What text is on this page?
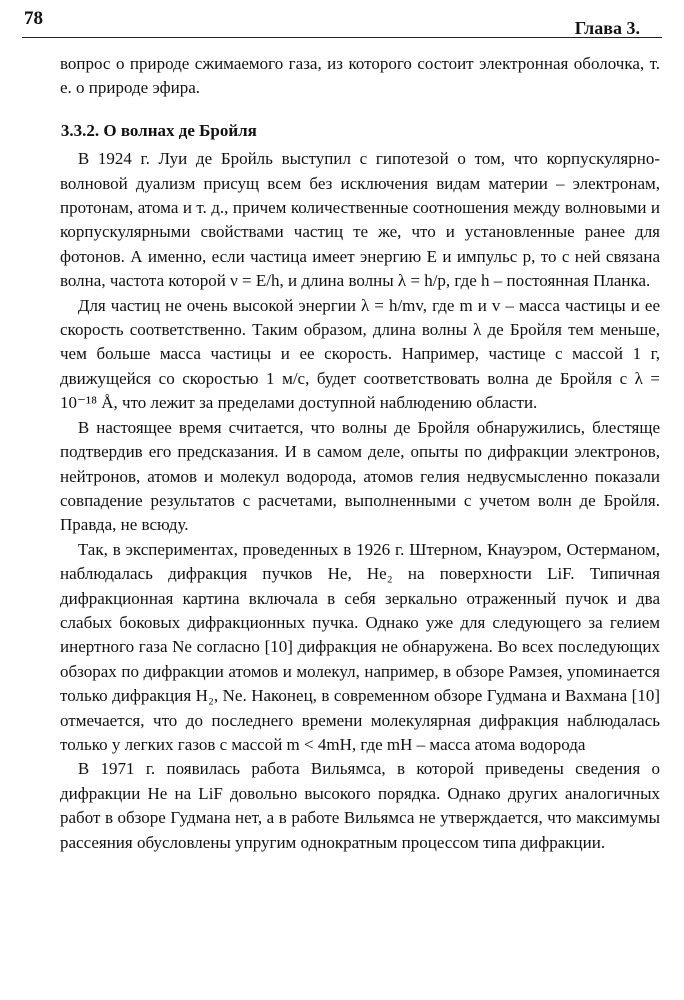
78	Глава 3.

вопрос о природе сжимаемого газа, из которого состоит электронная оболочка, т. е. о природе эфира.

3.3.2. О волнах де Бройля

В 1924 г. Луи де Бройль выступил с гипотезой о том, что корпускулярно-волновой дуализм присущ всем без исключения видам материи – электронам, протонам, атома и т. д., причем количественные соотношения между волновыми и корпускулярными свойствами частиц те же, что и установленные ранее для фотонов. А именно, если частица имеет энергию E и импульс p, то с ней связана волна, частота которой ν = E/h, и длина волны λ = h/p, где h – постоянная Планка.

Для частиц не очень высокой энергии λ = h/mv, где m и v – масса частицы и ее скорость соответственно. Таким образом, длина волны λ де Бройля тем меньше, чем больше масса частицы и ее скорость. Например, частице с массой 1 г, движущейся со скоростью 1 м/с, будет соответствовать волна де Бройля с λ = 10⁻¹⁸ Å, что лежит за пределами доступной наблюдению области.

В настоящее время считается, что волны де Бройля обнаружились, блестяще подтвердив его предсказания. И в самом деле, опыты по дифракции электронов, нейтронов, атомов и молекул водорода, атомов гелия недвусмысленно показали совпадение результатов с расчетами, выполненными с учетом волн де Бройля. Правда, не всюду.

Так, в экспериментах, проведенных в 1926 г. Штерном, Кнауэром, Остерманом, наблюдалась дифракция пучков He, He₂ на поверхности LiF. Типичная дифракционная картина включала в себя зеркально отраженный пучок и два слабых боковых дифракционных пучка. Однако уже для следующего за гелием инертного газа Ne согласно [10] дифракция не обнаружена. Во всех последующих обзорах по дифракции атомов и молекул, например, в обзоре Рамзея, упоминается только дифракция H₂, Ne. Наконец, в современном обзоре Гудмана и Вахмана [10] отмечается, что до последнего времени молекулярная дифракция наблюдалась только у легких газов с массой m < 4mH, где mH – масса атома водорода

В 1971 г. появилась работа Вильямса, в которой приведены сведения о дифракции He на LiF довольно высокого порядка. Однако других аналогичных работ в обзоре Гудмана нет, а в работе Вильямса не утверждается, что максимумы рассеяния обусловлены упругим однократным процессом типа дифракции.
